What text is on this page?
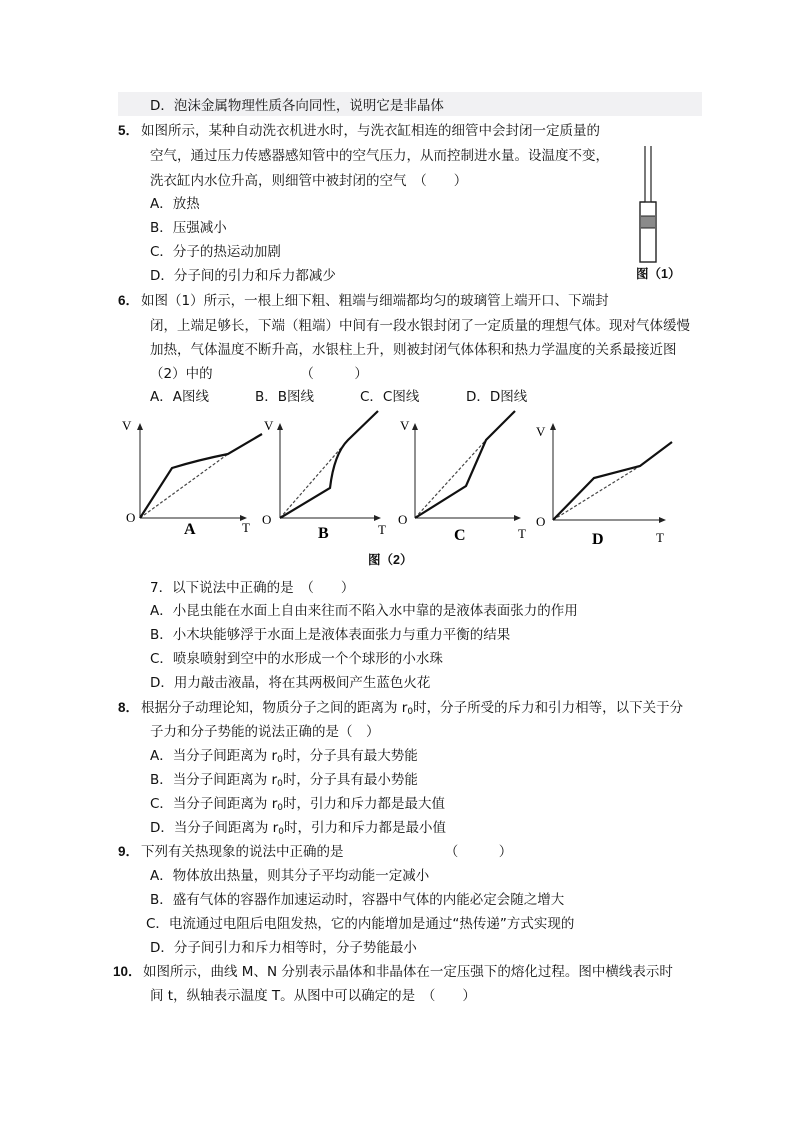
D．泡沫金属物理性质各向同性，说明它是非晶体
5． 如图所示，某种自动洗衣机进水时，与洗衣缸相连的细管中会封闭一定质量的
空气，通过压力传感器感知管中的空气压力，从而控制进水量。设温度不变，
洗衣缸内水位升高，则细管中被封闭的空气　（　　）
A．放热
B．压强减小
C．分子的热运动加剧
D．分子间的引力和斥力都减少	图（1）
6． 如图（1）所示，一根上细下粗、粗端与细端都均匀的玻璃管上端开口、下端封
闭，上端足够长，下端（粗端）中间有一段水银封闭了一定质量的理想气体。现对气体缓慢
加热，气体温度不断升高，水银柱上升，则被封闭气体体积和热力学温度的关系最接近图
（2）中的　　　　　　　（　　　）
A．A图线	B．B图线	C．C图线	D．D图线
V
O
T
A
V
O
T
B
V
O
T
C
V
O
T
D
图（2）
7．以下说法中正确的是　（　　）
A．小昆虫能在水面上自由来往而不陷入水中靠的是液体表面张力的作用
B．小木块能够浮于水面上是液体表面张力与重力平衡的结果
C．喷泉喷射到空中的水形成一个个球形的小水珠
D．用力敲击液晶，将在其两极间产生蓝色火花
8． 根据分子动理论知，物质分子之间的距离为 $r_0$时，分子所受的斥力和引力相等，以下关于分
子力和分子势能的说法正确的是（　）
A．当分子间距离为 $r_0$时，分子具有最大势能
B．当分子间距离为 $r_0$时，分子具有最小势能
C．当分子间距离为 $r_0$时，引力和斥力都是最大值
D．当分子间距离为 $r_0$时，引力和斥力都是最小值
9． 下列有关热现象的说法中正确的是　　　　　　　　（　　　）
A．物体放出热量，则其分子平均动能一定减小
B．盛有气体的容器作加速运动时，容器中气体的内能必定会随之增大
C．电流通过电阻后电阻发热，它的内能增加是通过“热传递”方式实现的
D．分子间引力和斥力相等时，分子势能最小
10． 如图所示，曲线 M、N 分别表示晶体和非晶体在一定压强下的熔化过程。图中横线表示时
间 t，纵轴表示温度 T。从图中可以确定的是　（　　）
